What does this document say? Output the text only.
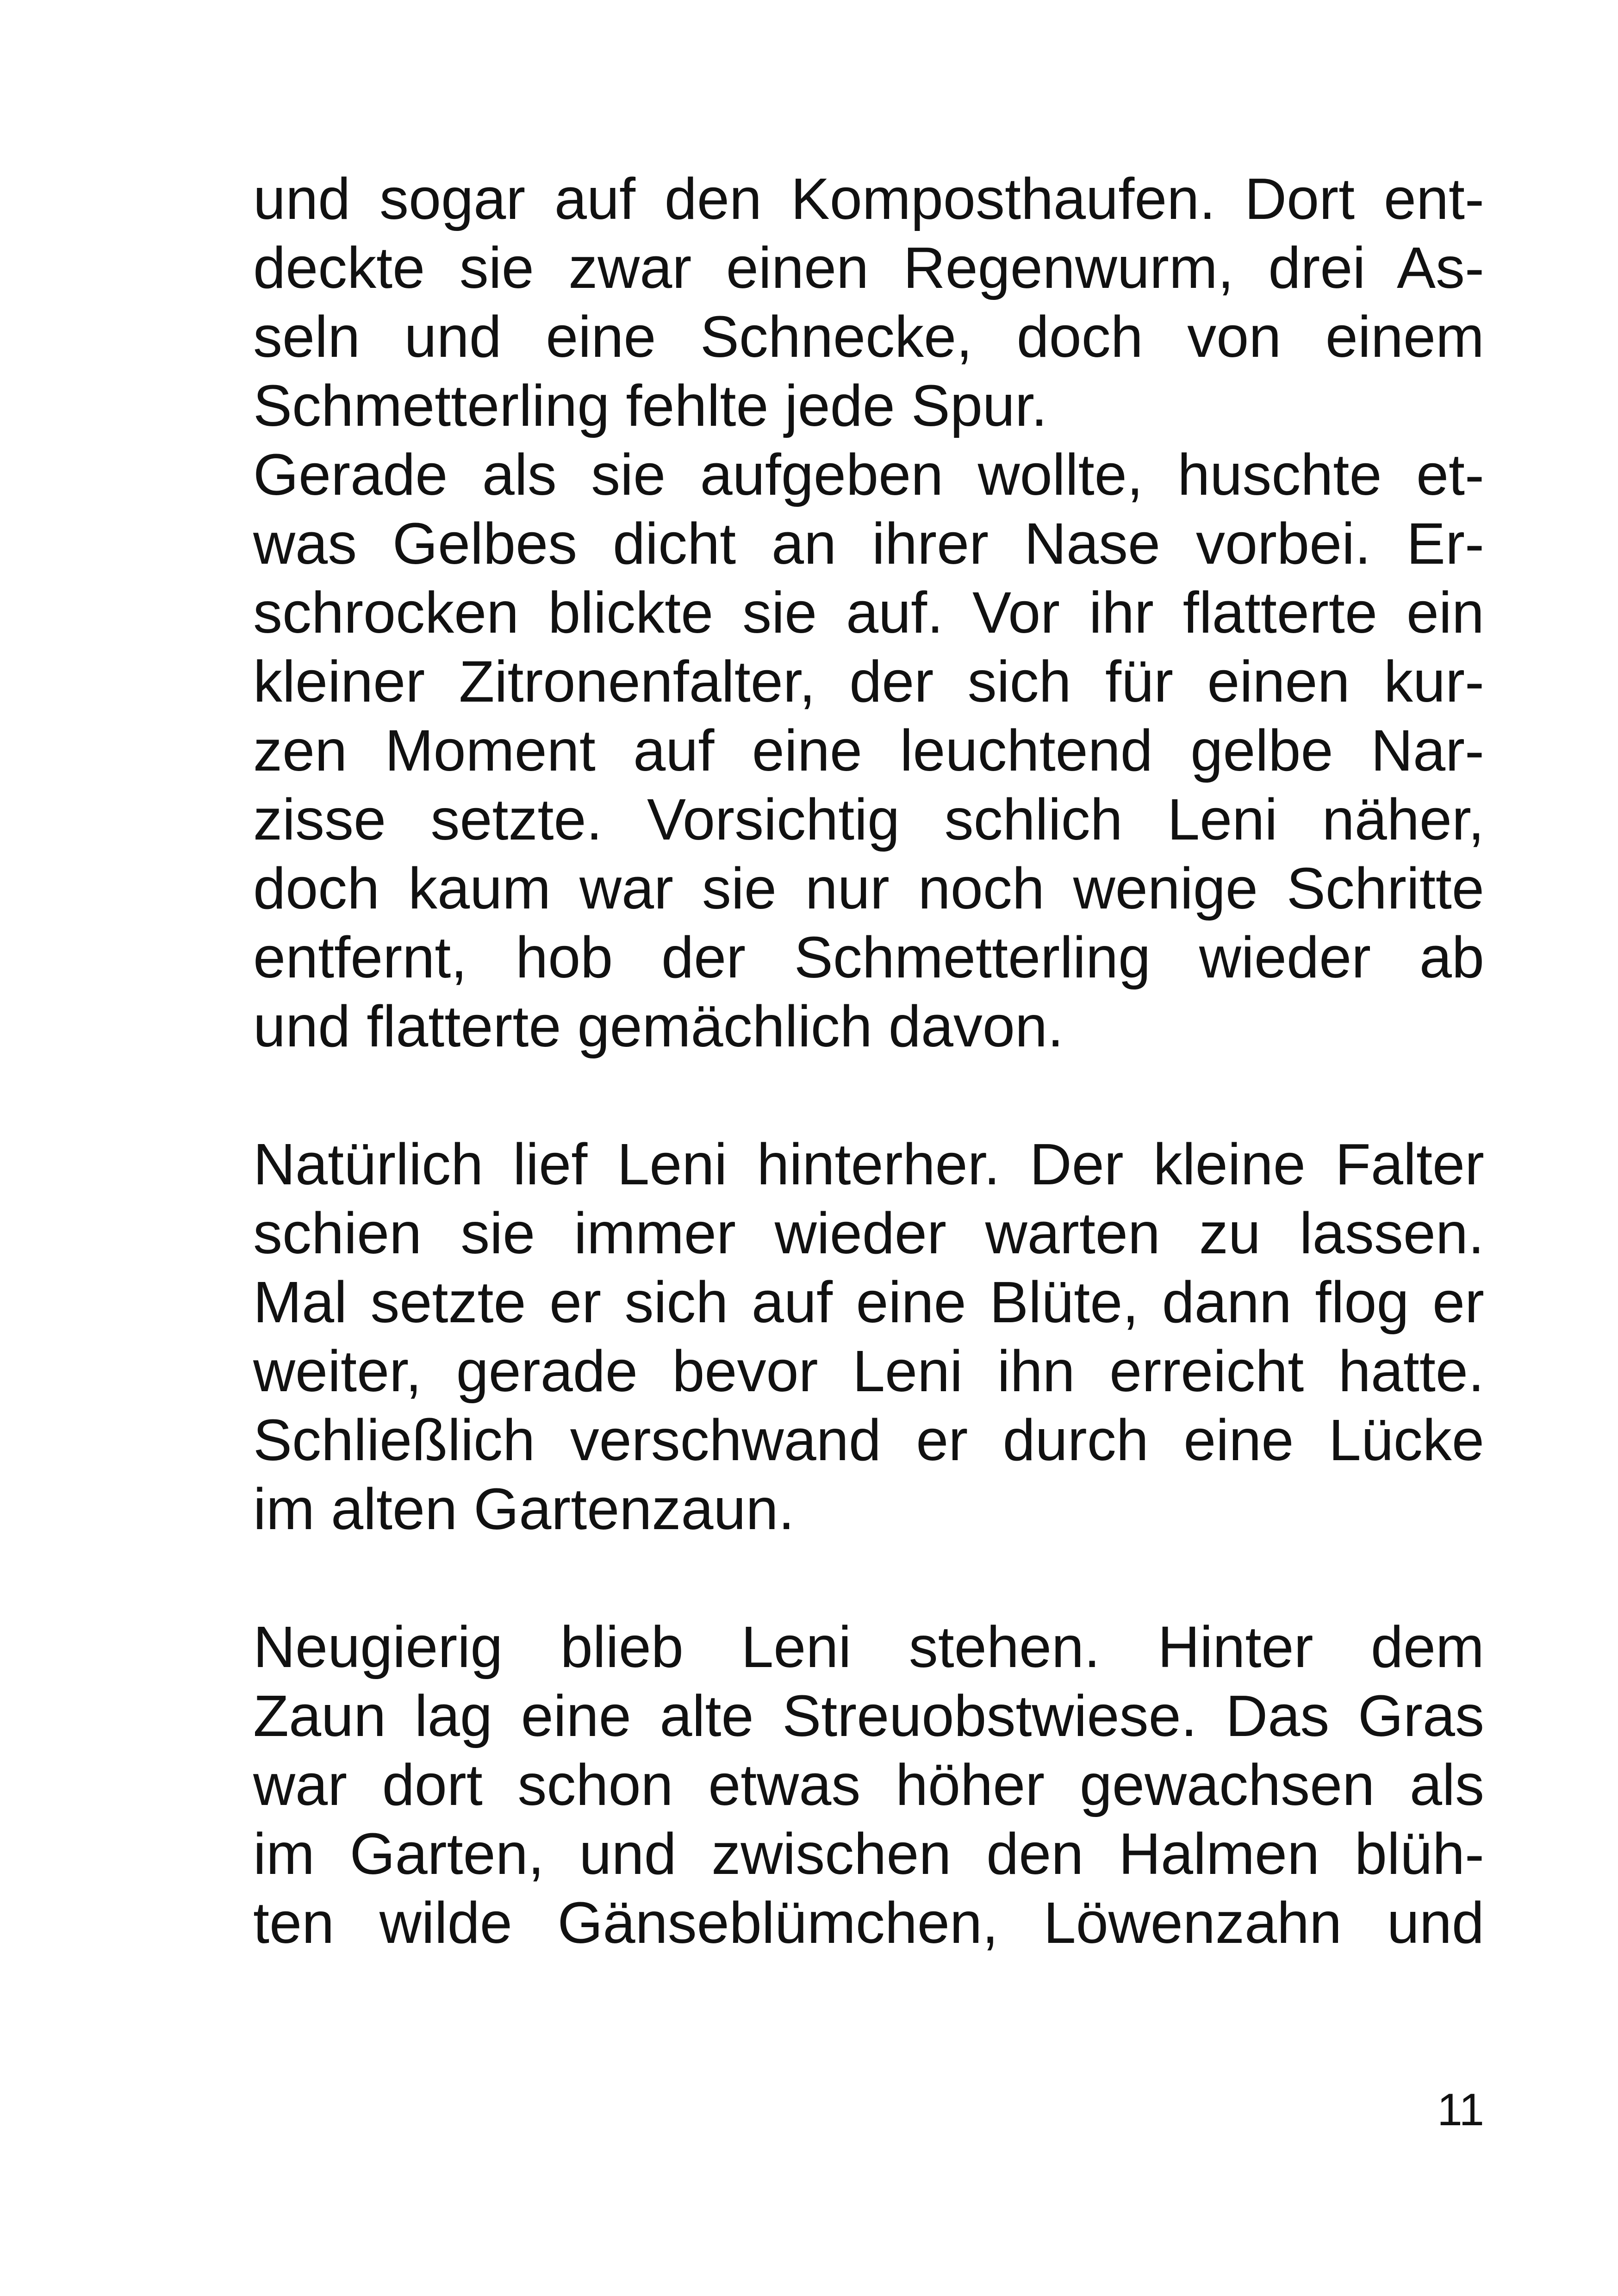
und sogar auf den Komposthaufen. Dort ent-
deckte sie zwar einen Regenwurm, drei As-
seln und eine Schnecke, doch von einem
Schmetterling fehlte jede Spur.
Gerade als sie aufgeben wollte, huschte et-
was Gelbes dicht an ihrer Nase vorbei. Er-
schrocken blickte sie auf. Vor ihr flatterte ein
kleiner Zitronenfalter, der sich für einen kur-
zen Moment auf eine leuchtend gelbe Nar-
zisse setzte. Vorsichtig schlich Leni näher,
doch kaum war sie nur noch wenige Schritte
entfernt, hob der Schmetterling wieder ab
und flatterte gemächlich davon.
Natürlich lief Leni hinterher. Der kleine Falter
schien sie immer wieder warten zu lassen.
Mal setzte er sich auf eine Blüte, dann flog er
weiter, gerade bevor Leni ihn erreicht hatte.
Schließlich verschwand er durch eine Lücke
im alten Gartenzaun.
Neugierig blieb Leni stehen. Hinter dem
Zaun lag eine alte Streuobstwiese. Das Gras
war dort schon etwas höher gewachsen als
im Garten, und zwischen den Halmen blüh-
ten wilde Gänseblümchen, Löwenzahn und
11
